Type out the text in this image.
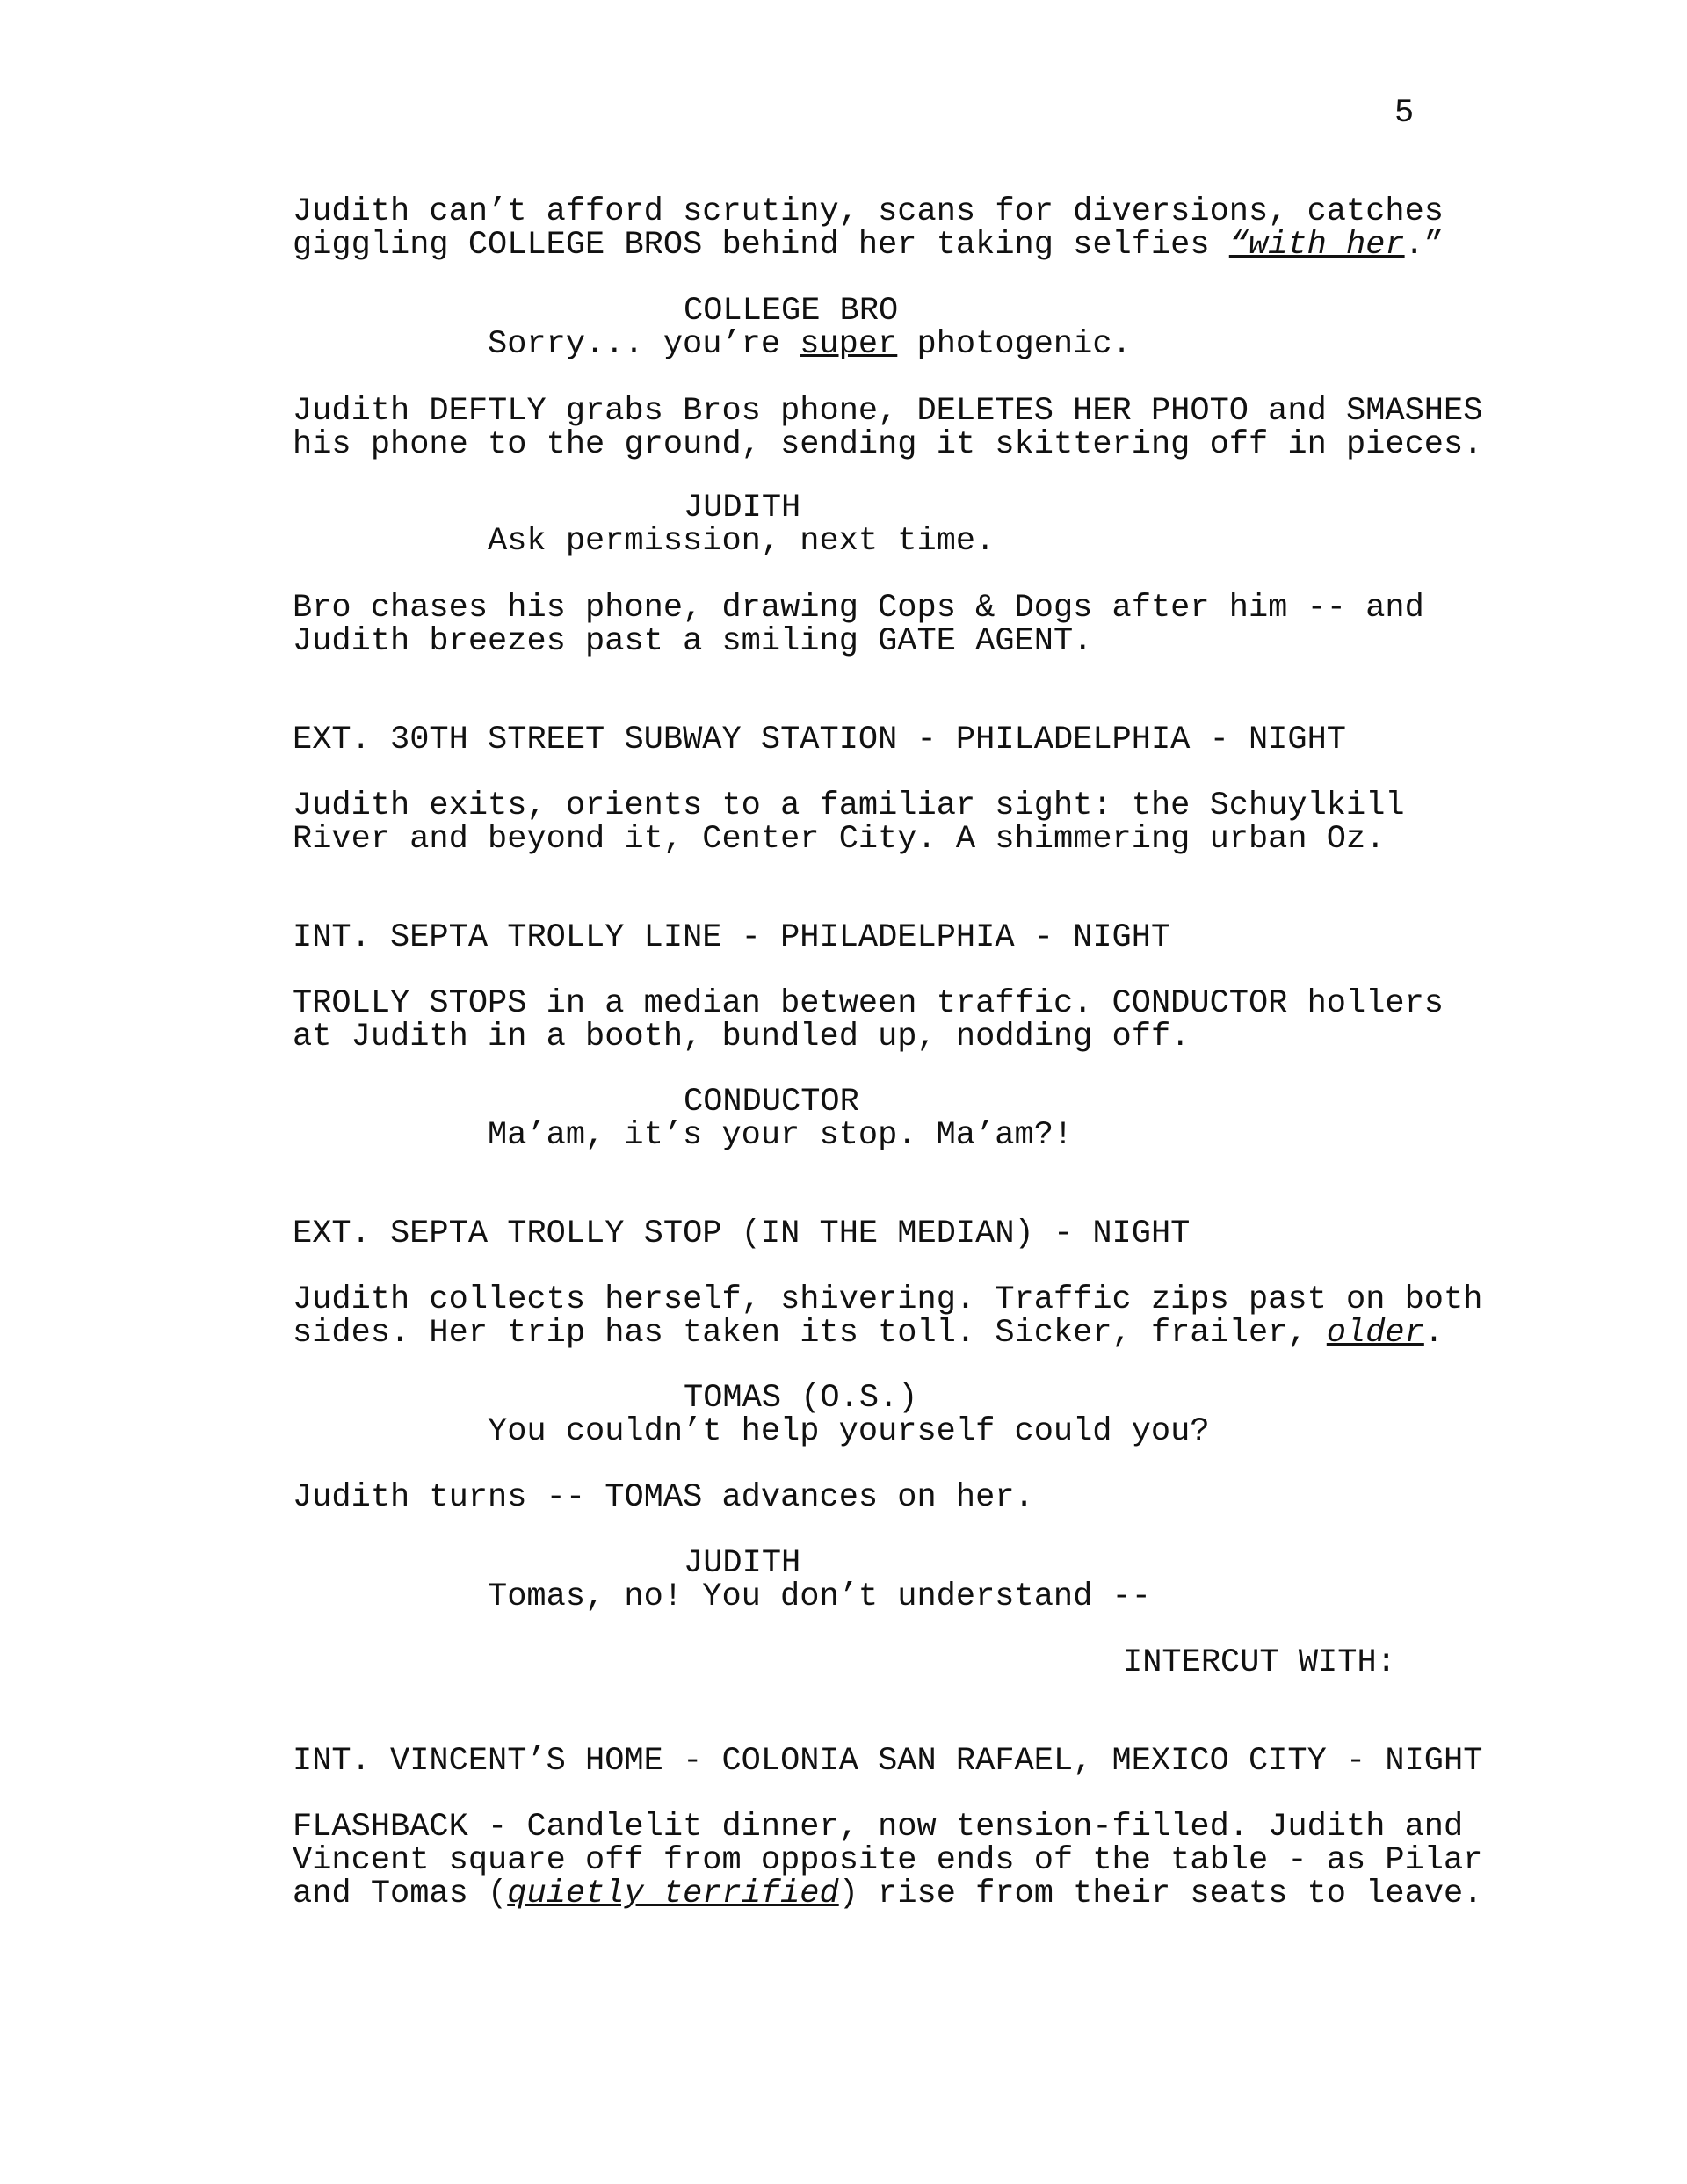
5
Judith can’t afford scrutiny, scans for diversions, catches
giggling COLLEGE BROS behind her taking selfies “with her.”
COLLEGE BRO
Sorry... you’re super photogenic.
Judith DEFTLY grabs Bros phone, DELETES HER PHOTO and SMASHES
his phone to the ground, sending it skittering off in pieces.
JUDITH
Ask permission, next time.
Bro chases his phone, drawing Cops & Dogs after him -- and
Judith breezes past a smiling GATE AGENT.
EXT. 30TH STREET SUBWAY STATION - PHILADELPHIA - NIGHT
Judith exits, orients to a familiar sight: the Schuylkill
River and beyond it, Center City. A shimmering urban Oz.
INT. SEPTA TROLLY LINE - PHILADELPHIA - NIGHT
TROLLY STOPS in a median between traffic. CONDUCTOR hollers
at Judith in a booth, bundled up, nodding off.
CONDUCTOR
Ma’am, it’s your stop. Ma’am?!
EXT. SEPTA TROLLY STOP (IN THE MEDIAN) - NIGHT
Judith collects herself, shivering. Traffic zips past on both
sides. Her trip has taken its toll. Sicker, frailer, older.
TOMAS (O.S.)
You couldn’t help yourself could you?
Judith turns -- TOMAS advances on her.
JUDITH
Tomas, no! You don’t understand --
INTERCUT WITH:
INT. VINCENT’S HOME - COLONIA SAN RAFAEL, MEXICO CITY - NIGHT
FLASHBACK - Candlelit dinner, now tension-filled. Judith and
Vincent square off from opposite ends of the table - as Pilar
and Tomas (quietly terrified) rise from their seats to leave.
